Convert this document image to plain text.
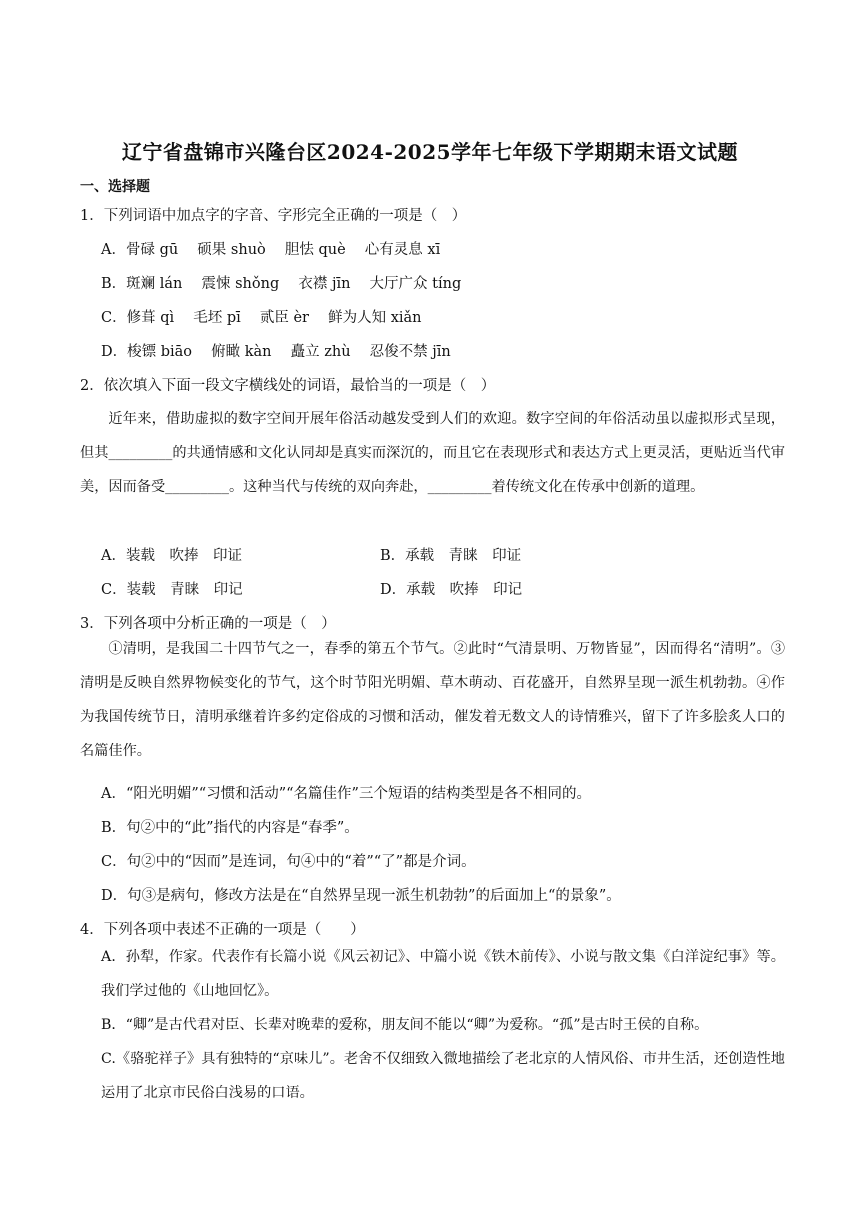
辽宁省盘锦市兴隆台区2024-2025学年七年级下学期期末语文试题
一、选择题
1．下列词语中加点字的字音、字形完全正确的一项是（　）
A．骨碌 gū　 硕果 shuò　 胆怯 què　 心有灵息 xī
B．斑斓 lán　 震悚 shǒng　 衣襟 jīn　 大厅广众 tíng
C．修葺 qì　 毛坯 pī　 贰臣 èr　 鲜为人知 xiǎn
D．梭镖 biāo　 俯瞰 kàn　 矗立 zhù　 忍俊不禁 jīn
2．依次填入下面一段文字横线处的词语，最恰当的一项是（　）
近年来，借助虚拟的数字空间开展年俗活动越发受到人们的欢迎。数字空间的年俗活动虽以虚拟形式呈现，但其_________的共通情感和文化认同却是真实而深沉的，而且它在表现形式和表达方式上更灵活，更贴近当代审美，因而备受_________。这种当代与传统的双向奔赴，_________着传统文化在传承中创新的道理。
A．装载　吹捧　印证	B．承载　青睐　印证
C．装载　青睐　印记	D．承载　吹捧　印记
3．下列各项中分析正确的一项是（　）
①清明，是我国二十四节气之一，春季的第五个节气。②此时“气清景明、万物皆显”，因而得名“清明”。③清明是反映自然界物候变化的节气，这个时节阳光明媚、草木萌动、百花盛开，自然界呈现一派生机勃勃。④作为我国传统节日，清明承继着许多约定俗成的习惯和活动，催发着无数文人的诗情雅兴，留下了许多脍炙人口的名篇佳作。
A．“阳光明媚”“习惯和活动”“名篇佳作”三个短语的结构类型是各不相同的。
B．句②中的“此”指代的内容是“春季”。
C．句②中的“因而”是连词，句④中的“着”“了”都是介词。
D．句③是病句，修改方法是在“自然界呈现一派生机勃勃”的后面加上“的景象”。
4．下列各项中表述不正确的一项是（　　）
A．孙犁，作家。代表作有长篇小说《风云初记》、中篇小说《铁木前传》、小说与散文集《白洋淀纪事》等。我们学过他的《山地回忆》。
B．“卿”是古代君对臣、长辈对晚辈的爱称，朋友间不能以“卿”为爱称。“孤”是古时王侯的自称。
C.《骆驼祥子》具有独特的“京味儿”。老舍不仅细致入微地描绘了老北京的人情风俗、市井生活，还创造性地运用了北京市民俗白浅易的口语。
